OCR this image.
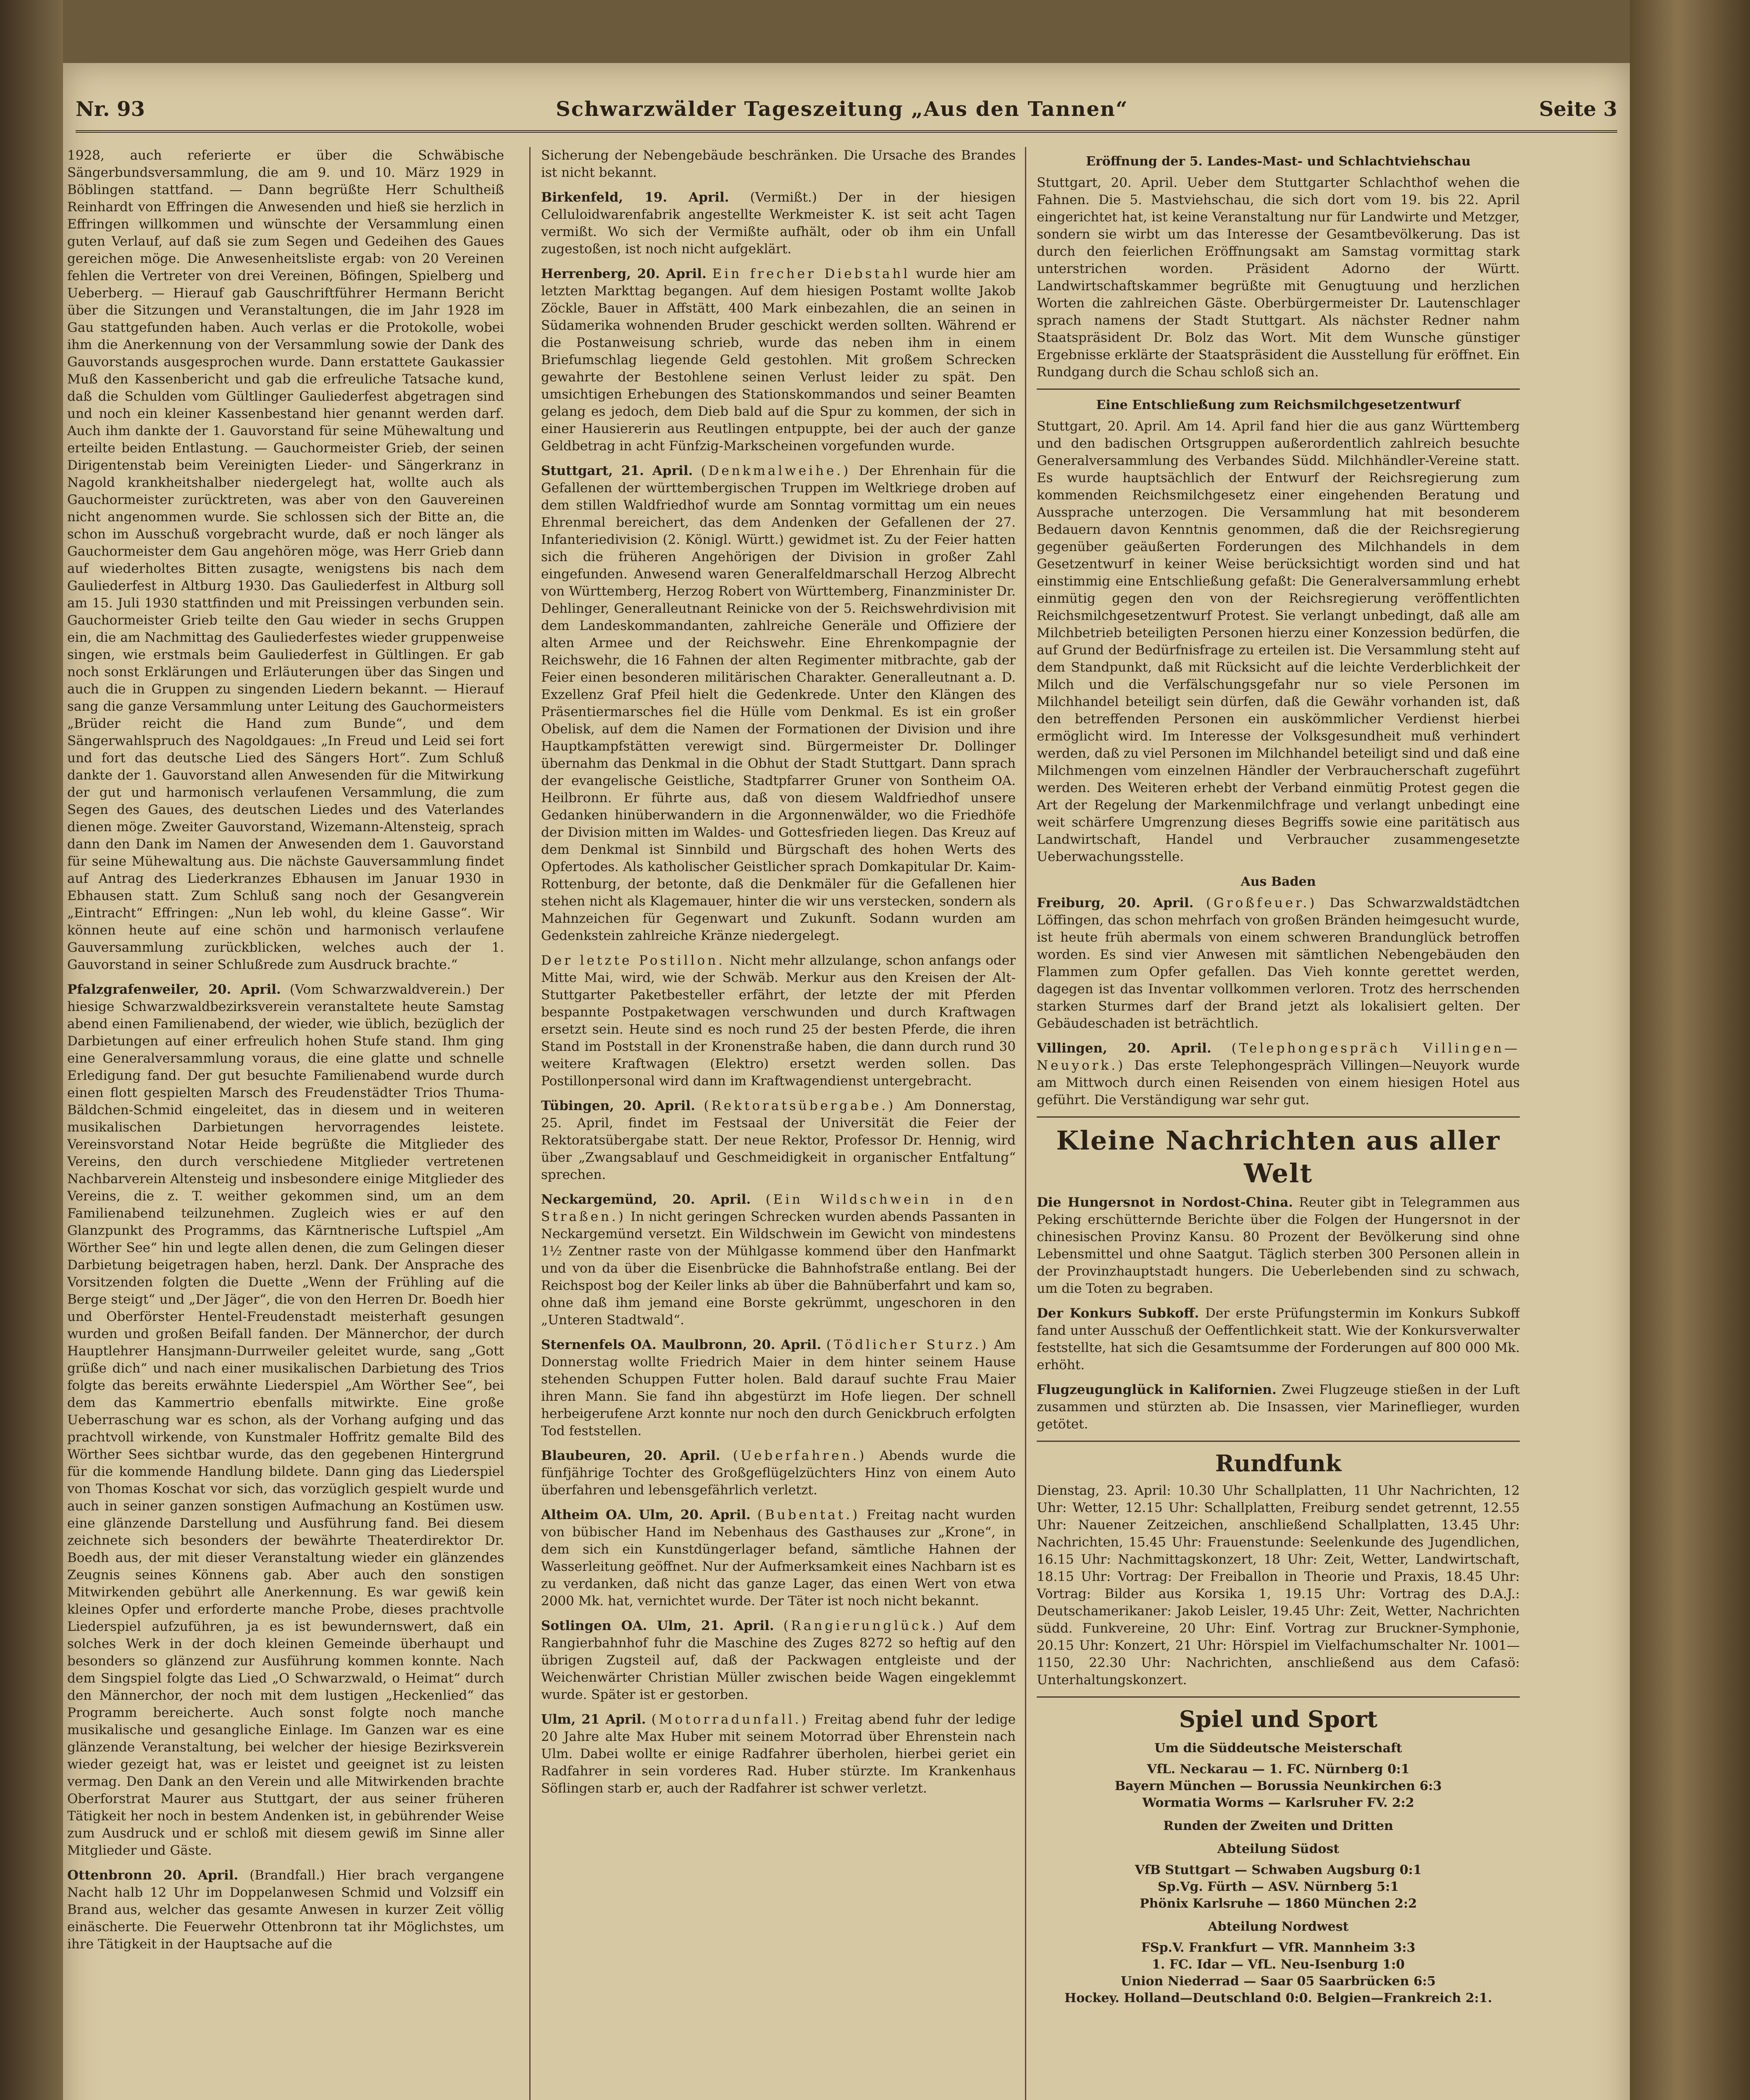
Nr. 93	Schwarzwälder Tageszeitung „Aus den Tannen“	Seite 3

1928, auch referierte er über die Schwäbische Sängerbundsversammlung, die am 9. und 10. März 1929 in Böblingen stattfand. — Dann begrüßte Herr Schultheiß Reinhardt von Effringen die Anwesenden und hieß sie herzlich in Effringen willkommen und wünschte der Versammlung einen guten Verlauf, auf daß sie zum Segen und Gedeihen des Gaues gereichen möge. Die Anwesenheitsliste ergab: von 20 Vereinen fehlen die Vertreter von drei Vereinen, Böfingen, Spielberg und Ueberberg. — Hierauf gab Gauschriftführer Hermann Bericht über die Sitzungen und Veranstaltungen, die im Jahr 1928 im Gau stattgefunden haben. Auch verlas er die Protokolle, wobei ihm die Anerkennung von der Versammlung sowie der Dank des Gauvorstands ausgesprochen wurde. Dann erstattete Gaukassier Muß den Kassenbericht und gab die erfreuliche Tatsache kund, daß die Schulden vom Gültlinger Gauliederfest abgetragen sind und noch ein kleiner Kassenbestand hier genannt werden darf. Auch ihm dankte der 1. Gauvorstand für seine Mühewaltung und erteilte beiden Entlastung. — Gauchormeister Grieb, der seinen Dirigentenstab beim Vereinigten Lieder- und Sängerkranz in Nagold krankheitshalber niedergelegt hat, wollte auch als Gauchormeister zurücktreten, was aber von den Gauvereinen nicht angenommen wurde. Sie schlossen sich der Bitte an, die schon im Ausschuß vorgebracht wurde, daß er noch länger als Gauchormeister dem Gau angehören möge, was Herr Grieb dann auf wiederholtes Bitten zusagte, wenigstens bis nach dem Gauliederfest in Altburg 1930. Das Gauliederfest in Altburg soll am 15. Juli 1930 stattfinden und mit Preissingen verbunden sein. Gauchormeister Grieb teilte den Gau wieder in sechs Gruppen ein, die am Nachmittag des Gauliederfestes wieder gruppenweise singen, wie erstmals beim Gauliederfest in Gültlingen. Er gab noch sonst Erklärungen und Erläuterungen über das Singen und auch die in Gruppen zu singenden Liedern bekannt. — Hierauf sang die ganze Versammlung unter Leitung des Gauchormeisters „Brüder reicht die Hand zum Bunde“, und dem Sängerwahlspruch des Nagoldgaues: „In Freud und Leid sei fort und fort das deutsche Lied des Sängers Hort“. Zum Schluß dankte der 1. Gauvorstand allen Anwesenden für die Mitwirkung der gut und harmonisch verlaufenen Versammlung, die zum Segen des Gaues, des deutschen Liedes und des Vaterlandes dienen möge. Zweiter Gauvorstand, Wizemann-Altensteig, sprach dann den Dank im Namen der Anwesenden dem 1. Gauvorstand für seine Mühewaltung aus. Die nächste Gauversammlung findet auf Antrag des Liederkranzes Ebhausen im Januar 1930 in Ebhausen statt. Zum Schluß sang noch der Gesangverein „Eintracht“ Effringen: „Nun leb wohl, du kleine Gasse“. Wir können heute auf eine schön und harmonisch verlaufene Gauversammlung zurückblicken, welches auch der 1. Gauvorstand in seiner Schlußrede zum Ausdruck brachte.“

Pfalzgrafenweiler, 20. April. (Vom Schwarzwaldverein.) Der hiesige Schwarzwaldbezirksverein veranstaltete heute Samstag abend einen Familienabend, der wieder, wie üblich, bezüglich der Darbietungen auf einer erfreulich hohen Stufe stand. Ihm ging eine Generalversammlung voraus, die eine glatte und schnelle Erledigung fand. Der gut besuchte Familienabend wurde durch einen flott gespielten Marsch des Freudenstädter Trios Thuma-Bäldchen-Schmid eingeleitet, das in diesem und in weiteren musikalischen Darbietungen hervorragendes leistete. Vereinsvorstand Notar Heide begrüßte die Mitglieder des Vereins, den durch verschiedene Mitglieder vertretenen Nachbarverein Altensteig und insbesondere einige Mitglieder des Vereins, die z. T. weither gekommen sind, um an dem Familienabend teilzunehmen. Zugleich wies er auf den Glanzpunkt des Programms, das Kärntnerische Luftspiel „Am Wörther See“ hin und legte allen denen, die zum Gelingen dieser Darbietung beigetragen haben, herzl. Dank. Der Ansprache des Vorsitzenden folgten die Duette „Wenn der Frühling auf die Berge steigt“ und „Der Jäger“, die von den Herren Dr. Boedh hier und Oberförster Hentel-Freudenstadt meisterhaft gesungen wurden und großen Beifall fanden. Der Männerchor, der durch Hauptlehrer Hansjmann-Durrweiler geleitet wurde, sang „Gott grüße dich“ und nach einer musikalischen Darbietung des Trios folgte das bereits erwähnte Liederspiel „Am Wörther See“, bei dem das Kammertrio ebenfalls mitwirkte. Eine große Ueberraschung war es schon, als der Vorhang aufging und das prachtvoll wirkende, von Kunstmaler Hoffritz gemalte Bild des Wörther Sees sichtbar wurde, das den gegebenen Hintergrund für die kommende Handlung bildete. Dann ging das Liederspiel von Thomas Koschat vor sich, das vorzüglich gespielt wurde und auch in seiner ganzen sonstigen Aufmachung an Kostümen usw. eine glänzende Darstellung und Ausführung fand. Bei diesem zeichnete sich besonders der bewährte Theaterdirektor Dr. Boedh aus, der mit dieser Veranstaltung wieder ein glänzendes Zeugnis seines Könnens gab. Aber auch den sonstigen Mitwirkenden gebührt alle Anerkennung. Es war gewiß kein kleines Opfer und erforderte manche Probe, dieses prachtvolle Liederspiel aufzuführen, ja es ist bewundernswert, daß ein solches Werk in der doch kleinen Gemeinde überhaupt und besonders so glänzend zur Ausführung kommen konnte. Nach dem Singspiel folgte das Lied „O Schwarzwald, o Heimat“ durch den Männerchor, der noch mit dem lustigen „Heckenlied“ das Programm bereicherte. Auch sonst folgte noch manche musikalische und gesangliche Einlage. Im Ganzen war es eine glänzende Veranstaltung, bei welcher der hiesige Bezirksverein wieder gezeigt hat, was er leistet und geeignet ist zu leisten vermag. Den Dank an den Verein und alle Mitwirkenden brachte Oberforstrat Maurer aus Stuttgart, der aus seiner früheren Tätigkeit her noch in bestem Andenken ist, in gebührender Weise zum Ausdruck und er schloß mit diesem gewiß im Sinne aller Mitglieder und Gäste.

Ottenbronn 20. April. (Brandfall.) Hier brach vergangene Nacht halb 12 Uhr im Doppelanwesen Schmid und Volzsiff ein Brand aus, welcher das gesamte Anwesen in kurzer Zeit völlig einäscherte. Die Feuerwehr Ottenbronn tat ihr Möglichstes, um ihre Tätigkeit in der Hauptsache auf die

Sicherung der Nebengebäude beschränken. Die Ursache des Brandes ist nicht bekannt.

Birkenfeld, 19. April. (Vermißt.) Der in der hiesigen Celluloidwarenfabrik angestellte Werkmeister K. ist seit acht Tagen vermißt. Wo sich der Vermißte aufhält, oder ob ihm ein Unfall zugestoßen, ist noch nicht aufgeklärt.

Herrenberg, 20. April. Ein frecher Diebstahl wurde hier am letzten Markttag begangen. Auf dem hiesigen Postamt wollte Jakob Zöckle, Bauer in Affstätt, 400 Mark einbezahlen, die an seinen in Südamerika wohnenden Bruder geschickt werden sollten. Während er die Postanweisung schrieb, wurde das neben ihm in einem Briefumschlag liegende Geld gestohlen. Mit großem Schrecken gewahrte der Bestohlene seinen Verlust leider zu spät. Den umsichtigen Erhebungen des Stationskommandos und seiner Beamten gelang es jedoch, dem Dieb bald auf die Spur zu kommen, der sich in einer Hausiererin aus Reutlingen entpuppte, bei der auch der ganze Geldbetrag in acht Fünfzig-Markscheinen vorgefunden wurde.

Stuttgart, 21. April. (Denkmalweihe.) Der Ehrenhain für die Gefallenen der württembergischen Truppen im Weltkriege droben auf dem stillen Waldfriedhof wurde am Sonntag vormittag um ein neues Ehrenmal bereichert, das dem Andenken der Gefallenen der 27. Infanteriedivision (2. Königl. Württ.) gewidmet ist. Zu der Feier hatten sich die früheren Angehörigen der Division in großer Zahl eingefunden. Anwesend waren Generalfeldmarschall Herzog Albrecht von Württemberg, Herzog Robert von Württemberg, Finanzminister Dr. Dehlinger, Generalleutnant Reinicke von der 5. Reichswehrdivision mit dem Landeskommandanten, zahlreiche Generäle und Offiziere der alten Armee und der Reichswehr. Eine Ehrenkompagnie der Reichswehr, die 16 Fahnen der alten Regimenter mitbrachte, gab der Feier einen besonderen militärischen Charakter. Generalleutnant a. D. Exzellenz Graf Pfeil hielt die Gedenkrede. Unter den Klängen des Präsentiermarsches fiel die Hülle vom Denkmal. Es ist ein großer Obelisk, auf dem die Namen der Formationen der Division und ihre Hauptkampfstätten verewigt sind. Bürgermeister Dr. Dollinger übernahm das Denkmal in die Obhut der Stadt Stuttgart. Dann sprach der evangelische Geistliche, Stadtpfarrer Gruner von Sontheim OA. Heilbronn. Er führte aus, daß von diesem Waldfriedhof unsere Gedanken hinüberwandern in die Argonnenwälder, wo die Friedhöfe der Division mitten im Waldes- und Gottesfrieden liegen. Das Kreuz auf dem Denkmal ist Sinnbild und Bürgschaft des hohen Werts des Opfertodes. Als katholischer Geistlicher sprach Domkapitular Dr. Kaim-Rottenburg, der betonte, daß die Denkmäler für die Gefallenen hier stehen nicht als Klagemauer, hinter die wir uns verstecken, sondern als Mahnzeichen für Gegenwart und Zukunft. Sodann wurden am Gedenkstein zahlreiche Kränze niedergelegt.

Der letzte Postillon. Nicht mehr allzulange, schon anfangs oder Mitte Mai, wird, wie der Schwäb. Merkur aus den Kreisen der Alt-Stuttgarter Paketbesteller erfährt, der letzte der mit Pferden bespannte Postpaketwagen verschwunden und durch Kraftwagen ersetzt sein. Heute sind es noch rund 25 der besten Pferde, die ihren Stand im Poststall in der Kronenstraße haben, die dann durch rund 30 weitere Kraftwagen (Elektro) ersetzt werden sollen. Das Postillonpersonal wird dann im Kraftwagendienst untergebracht.

Tübingen, 20. April. (Rektoratsübergabe.) Am Donnerstag, 25. April, findet im Festsaal der Universität die Feier der Rektoratsübergabe statt. Der neue Rektor, Professor Dr. Hennig, wird über „Zwangsablauf und Geschmeidigkeit in organischer Entfaltung“ sprechen.

Neckargemünd, 20. April. (Ein Wildschwein in den Straßen.) In nicht geringen Schrecken wurden abends Passanten in Neckargemünd versetzt. Ein Wildschwein im Gewicht von mindestens 1½ Zentner raste von der Mühlgasse kommend über den Hanfmarkt und von da über die Eisenbrücke die Bahnhofstraße entlang. Bei der Reichspost bog der Keiler links ab über die Bahnüberfahrt und kam so, ohne daß ihm jemand eine Borste gekrümmt, ungeschoren in den „Unteren Stadtwald“.

Sternenfels OA. Maulbronn, 20. April. (Tödlicher Sturz.) Am Donnerstag wollte Friedrich Maier in dem hinter seinem Hause stehenden Schuppen Futter holen. Bald darauf suchte Frau Maier ihren Mann. Sie fand ihn abgestürzt im Hofe liegen. Der schnell herbeigerufene Arzt konnte nur noch den durch Genickbruch erfolgten Tod feststellen.

Blaubeuren, 20. April. (Ueberfahren.) Abends wurde die fünfjährige Tochter des Großgeflügelzüchters Hinz von einem Auto überfahren und lebensgefährlich verletzt.

Altheim OA. Ulm, 20. April. (Bubentat.) Freitag nacht wurden von bübischer Hand im Nebenhaus des Gasthauses zur „Krone“, in dem sich ein Kunstdüngerlager befand, sämtliche Hahnen der Wasserleitung geöffnet. Nur der Aufmerksamkeit eines Nachbarn ist es zu verdanken, daß nicht das ganze Lager, das einen Wert von etwa 2000 Mk. hat, vernichtet wurde. Der Täter ist noch nicht bekannt.

Sotlingen OA. Ulm, 21. April. (Rangierunglück.) Auf dem Rangierbahnhof fuhr die Maschine des Zuges 8272 so heftig auf den übrigen Zugsteil auf, daß der Packwagen entgleiste und der Weichenwärter Christian Müller zwischen beide Wagen eingeklemmt wurde. Später ist er gestorben.

Ulm, 21 April. (Motorradunfall.) Freitag abend fuhr der ledige 20 Jahre alte Max Huber mit seinem Motorrad über Ehrenstein nach Ulm. Dabei wollte er einige Radfahrer überholen, hierbei geriet ein Radfahrer in sein vorderes Rad. Huber stürzte. Im Krankenhaus Söflingen starb er, auch der Radfahrer ist schwer verletzt.

Eröffnung der 5. Landes-Mast- und Schlachtviehschau

Stuttgart, 20. April. Ueber dem Stuttgarter Schlachthof wehen die Fahnen. Die 5. Mastviehschau, die sich dort vom 19. bis 22. April eingerichtet hat, ist keine Veranstaltung nur für Landwirte und Metzger, sondern sie wirbt um das Interesse der Gesamtbevölkerung. Das ist durch den feierlichen Eröffnungsakt am Samstag vormittag stark unterstrichen worden. Präsident Adorno der Württ. Landwirtschaftskammer begrüßte mit Genugtuung und herzlichen Worten die zahlreichen Gäste. Oberbürgermeister Dr. Lautenschlager sprach namens der Stadt Stuttgart. Als nächster Redner nahm Staatspräsident Dr. Bolz das Wort. Mit dem Wunsche günstiger Ergebnisse erklärte der Staatspräsident die Ausstellung für eröffnet. Ein Rundgang durch die Schau schloß sich an.

Eine Entschließung zum Reichsmilchgesetzentwurf

Stuttgart, 20. April. Am 14. April fand hier die aus ganz Württemberg und den badischen Ortsgruppen außerordentlich zahlreich besuchte Generalversammlung des Verbandes Südd. Milchhändler-Vereine statt. Es wurde hauptsächlich der Entwurf der Reichsregierung zum kommenden Reichsmilchgesetz einer eingehenden Beratung und Aussprache unterzogen. Die Versammlung hat mit besonderem Bedauern davon Kenntnis genommen, daß die der Reichsregierung gegenüber geäußerten Forderungen des Milchhandels in dem Gesetzentwurf in keiner Weise berücksichtigt worden sind und hat einstimmig eine Entschließung gefaßt: Die Generalversammlung erhebt einmütig gegen den von der Reichsregierung veröffentlichten Reichsmilchgesetzentwurf Protest. Sie verlangt unbedingt, daß alle am Milchbetrieb beteiligten Personen hierzu einer Konzession bedürfen, die auf Grund der Bedürfnisfrage zu erteilen ist. Die Versammlung steht auf dem Standpunkt, daß mit Rücksicht auf die leichte Verderblichkeit der Milch und die Verfälschungsgefahr nur so viele Personen im Milchhandel beteiligt sein dürfen, daß die Gewähr vorhanden ist, daß den betreffenden Personen ein auskömmlicher Verdienst hierbei ermöglicht wird. Im Interesse der Volksgesundheit muß verhindert werden, daß zu viel Personen im Milchhandel beteiligt sind und daß eine Milchmengen vom einzelnen Händler der Verbraucherschaft zugeführt werden. Des Weiteren erhebt der Verband einmütig Protest gegen die Art der Regelung der Markenmilchfrage und verlangt unbedingt eine weit schärfere Umgrenzung dieses Begriffs sowie eine paritätisch aus Landwirtschaft, Handel und Verbraucher zusammengesetzte Ueberwachungsstelle.

Aus Baden

Freiburg, 20. April. (Großfeuer.) Das Schwarzwaldstädtchen Löffingen, das schon mehrfach von großen Bränden heimgesucht wurde, ist heute früh abermals von einem schweren Brandunglück betroffen worden. Es sind vier Anwesen mit sämtlichen Nebengebäuden den Flammen zum Opfer gefallen. Das Vieh konnte gerettet werden, dagegen ist das Inventar vollkommen verloren. Trotz des herrschenden starken Sturmes darf der Brand jetzt als lokalisiert gelten. Der Gebäudeschaden ist beträchtlich.

Villingen, 20. April. (Telephongespräch Villingen—Neuyork.) Das erste Telephongespräch Villingen—Neuyork wurde am Mittwoch durch einen Reisenden von einem hiesigen Hotel aus geführt. Die Verständigung war sehr gut.

Kleine Nachrichten aus aller Welt

Die Hungersnot in Nordost-China. Reuter gibt in Telegrammen aus Peking erschütternde Berichte über die Folgen der Hungersnot in der chinesischen Provinz Kansu. 80 Prozent der Bevölkerung sind ohne Lebensmittel und ohne Saatgut. Täglich sterben 300 Personen allein in der Provinzhauptstadt hungers. Die Ueberlebenden sind zu schwach, um die Toten zu begraben.

Der Konkurs Subkoff. Der erste Prüfungstermin im Konkurs Subkoff fand unter Ausschuß der Oeffentlichkeit statt. Wie der Konkursverwalter feststellte, hat sich die Gesamtsumme der Forderungen auf 800 000 Mk. erhöht.

Flugzeugunglück in Kalifornien. Zwei Flugzeuge stießen in der Luft zusammen und stürzten ab. Die Insassen, vier Marineflieger, wurden getötet.

Rundfunk

Dienstag, 23. April: 10.30 Uhr Schallplatten, 11 Uhr Nachrichten, 12 Uhr: Wetter, 12.15 Uhr: Schallplatten, Freiburg sendet getrennt, 12.55 Uhr: Nauener Zeitzeichen, anschließend Schallplatten, 13.45 Uhr: Nachrichten, 15.45 Uhr: Frauenstunde: Seelenkunde des Jugendlichen, 16.15 Uhr: Nachmittagskonzert, 18 Uhr: Zeit, Wetter, Landwirtschaft, 18.15 Uhr: Vortrag: Der Freiballon in Theorie und Praxis, 18.45 Uhr: Vortrag: Bilder aus Korsika 1, 19.15 Uhr: Vortrag des D.A.J.: Deutschamerikaner: Jakob Leisler, 19.45 Uhr: Zeit, Wetter, Nachrichten südd. Funkvereine, 20 Uhr: Einf. Vortrag zur Bruckner-Symphonie, 20.15 Uhr: Konzert, 21 Uhr: Hörspiel im Vielfachumschalter Nr. 1001—1150, 22.30 Uhr: Nachrichten, anschließend aus dem Cafasö: Unterhaltungskonzert.

Spiel und Sport
Um die Süddeutsche Meisterschaft
VfL. Neckarau — 1. FC. Nürnberg 0:1
Bayern München — Borussia Neunkirchen 6:3
Wormatia Worms — Karlsruher FV. 2:2
Runden der Zweiten und Dritten
Abteilung Südost
VfB Stuttgart — Schwaben Augsburg 0:1
Sp.Vg. Fürth — ASV. Nürnberg 5:1
Phönix Karlsruhe — 1860 München 2:2
Abteilung Nordwest
FSp.V. Frankfurt — VfR. Mannheim 3:3
1. FC. Idar — VfL. Neu-Isenburg 1:0
Union Niederrad — Saar 05 Saarbrücken 6:5
Hockey. Holland—Deutschland 0:0. Belgien—Frankreich 2:1.
